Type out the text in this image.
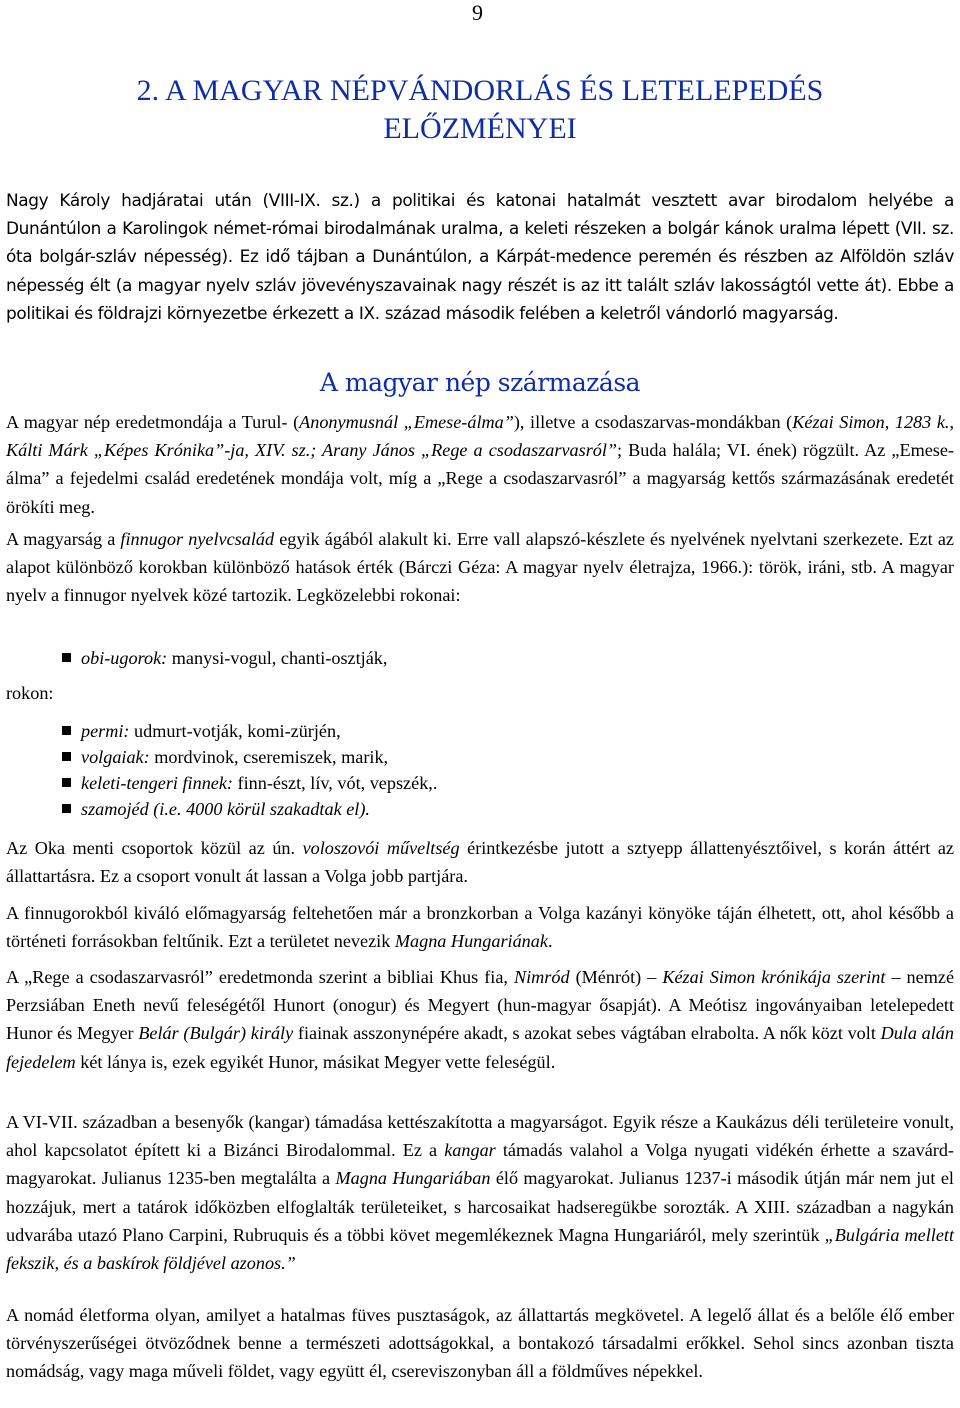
9
2. A MAGYAR NÉPVÁNDORLÁS ÉS LETELEPEDÉS ELŐZMÉNYEI

Nagy Károly hadjáratai után (VIII-IX. sz.) a politikai és katonai hatalmát vesztett avar birodalom helyébe a Dunántúlon a Karolingok német-római birodalmának uralma, a keleti részeken a bolgár kánok uralma lépett (VII. sz. óta bolgár-szláv népesség). Ez idő tájban a Dunántúlon, a Kárpát-medence peremén és részben az Alföldön szláv népesség élt (a magyar nyelv szláv jövevényszavainak nagy részét is az itt talált szláv lakosságtól vette át). Ebbe a politikai és földrajzi környezetbe érkezett a IX. század második felében a keletről vándorló magyarság.

A magyar nép származása

A magyar nép eredetmondája a Turul- (Anonymusnál „Emese-álma”), illetve a csodaszarvas-mondákban (Kézai Simon, 1283 k., Kálti Márk „Képes Krónika”-ja, XIV. sz.; Arany János „Rege a csodaszarvasról”; Buda halála; VI. ének) rögzült. Az „Emese-álma” a fejedelmi család eredetének mondája volt, míg a „Rege a csodaszarvasról” a magyarság kettős származásának eredetét örökíti meg.

A magyarság a finnugor nyelvcsalád egyik ágából alakult ki. Erre vall alapszó-készlete és nyelvének nyelvtani szerkezete. Ezt az alapot különböző korokban különböző hatások érték (Bárczi Géza: A magyar nyelv életrajza, 1966.): török, iráni, stb. A magyar nyelv a finnugor nyelvek közé tartozik. Legközelebbi rokonai:

obi-ugorok: manysi-vogul, chanti-osztják,
rokon:
permi: udmurt-votják, komi-zürjén,
volgaiak: mordvinok, cseremiszek, marik,
keleti-tengeri finnek: finn-észt, lív, vót, vepszék,.
szamojéd (i.e. 4000 körül szakadtak el).

Az Oka menti csoportok közül az ún. voloszovói műveltség érintkezésbe jutott a sztyepp állattenyésztőivel, s korán áttért az állattartásra. Ez a csoport vonult át lassan a Volga jobb partjára.

A finnugorokból kiváló előmagyarság feltehetően már a bronzkorban a Volga kazányi könyöke táján élhetett, ott, ahol később a történeti forrásokban feltűnik. Ezt a területet nevezik Magna Hungariának.

A „Rege a csodaszarvasról” eredetmonda szerint a bibliai Khus fia, Nimród (Ménrót) – Kézai Simon krónikája szerint – nemzé Perzsiában Eneth nevű feleségétől Hunort (onogur) és Megyert (hun-magyar ősapját). A Meótisz ingoványaiban letelepedett Hunor és Megyer Belár (Bulgár) király fiainak asszonynépére akadt, s azokat sebes vágtában elrabolta. A nők közt volt Dula alán fejedelem két lánya is, ezek egyikét Hunor, másikat Megyer vette feleségül.

A VI-VII. században a besenyők (kangar) támadása kettészakította a magyarságot. Egyik része a Kaukázus déli területeire vonult, ahol kapcsolatot épített ki a Bizánci Birodalommal. Ez a kangar támadás valahol a Volga nyugati vidékén érhette a szavárd-magyarokat. Julianus 1235-ben megtalálta a Magna Hungariában élő magyarokat. Julianus 1237-i második útján már nem jut el hozzájuk, mert a tatárok időközben elfoglalták területeiket, s harcosaikat hadseregükbe sorozták. A XIII. században a nagykán udvarába utazó Plano Carpini, Rubruquis és a többi követ megemlékeznek Magna Hungariáról, mely szerintük „Bulgária mellett fekszik, és a baskírok földjével azonos.”

A nomád életforma olyan, amilyet a hatalmas füves pusztaságok, az állattartás megkövetel. A legelő állat és a belőle élő ember törvényszerűségei ötvöződnek benne a természeti adottságokkal, a bontakozó társadalmi erőkkel. Sehol sincs azonban tiszta nomádság, vagy maga műveli földet, vagy együtt él, csereviszonyban áll a földműves népekkel.
